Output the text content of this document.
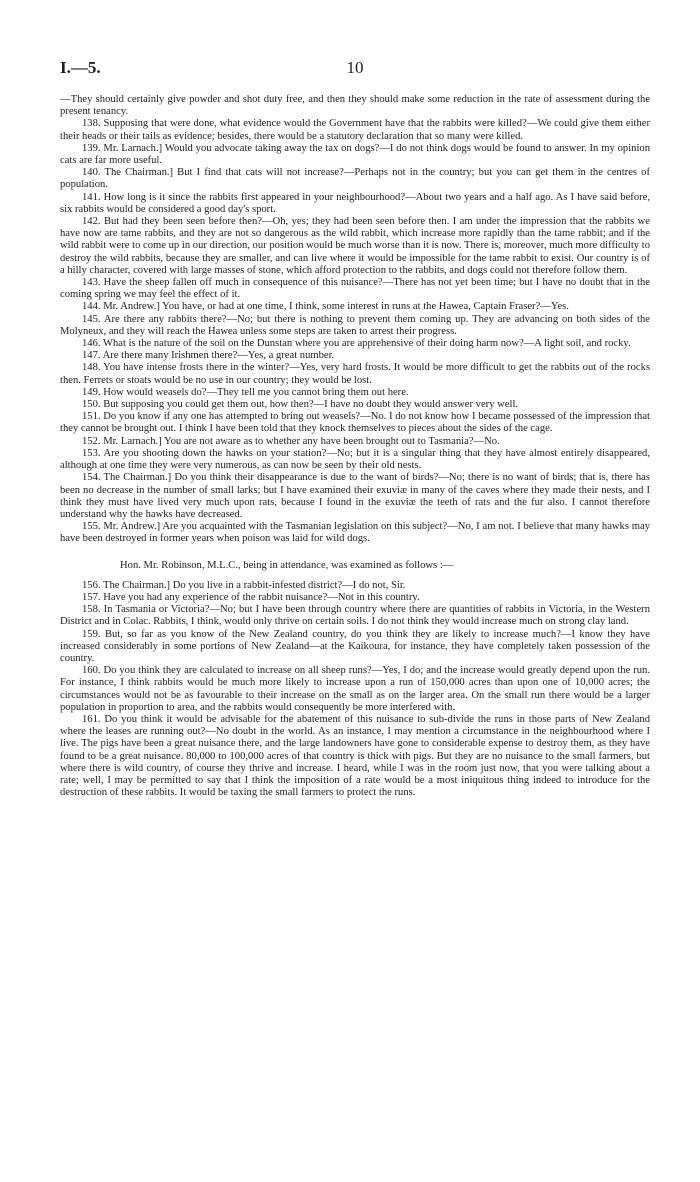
I.—5.	10

—They should certainly give powder and shot duty free, and then they should make some reduction in the rate of assessment during the present tenancy.

138. Supposing that were done, what evidence would the Government have that the rabbits were killed?—We could give them either their heads or their tails as evidence; besides, there would be a statutory declaration that so many were killed.

139. Mr. Larnach.] Would you advocate taking away the tax on dogs?—I do not think dogs would be found to answer. In my opinion cats are far more useful.

140. The Chairman.] But I find that cats will not increase?—Perhaps not in the country; but you can get them in the centres of population.

141. How long is it since the rabbits first appeared in your neighbourhood?—About two years and a half ago. As I have said before, six rabbits would be considered a good day's sport.

142. But had they been seen before then?—Oh, yes; they had been seen before then. I am under the impression that the rabbits we have now are tame rabbits, and they are not so dangerous as the wild rabbit, which increase more rapidly than the tame rabbit; and if the wild rabbit were to come up in our direction, our position would be much worse than it is now. There is, moreover, much more difficulty to destroy the wild rabbits, because they are smaller, and can live where it would be impossible for the tame rabbit to exist. Our country is of a hilly character, covered with large masses of stone, which afford protection to the rabbits, and dogs could not therefore follow them.

143. Have the sheep fallen off much in consequence of this nuisance?—There has not yet been time; but I have no doubt that in the coming spring we may feel the effect of it.

144. Mr. Andrew.] You have, or had at one time, I think, some interest in runs at the Hawea, Captain Fraser?—Yes.

145. Are there any rabbits there?—No; but there is nothing to prevent them coming up. They are advancing on both sides of the Molyneux, and they will reach the Hawea unless some steps are taken to arrest their progress.

146. What is the nature of the soil on the Dunstan where you are apprehensive of their doing harm now?—A light soil, and rocky.

147. Are there many Irishmen there?—Yes, a great number.

148. You have intense frosts there in the winter?—Yes, very hard frosts. It would be more difficult to get the rabbits out of the rocks then. Ferrets or stoats would be no use in our country; they would be lost.

149. How would weasels do?—They tell me you cannot bring them out here.

150. But supposing you could get them out, how then?—I have no doubt they would answer very well.

151. Do you know if any one has attempted to bring out weasels?—No. I do not know how I became possessed of the impression that they cannot be brought out. I think I have been told that they knock themselves to pieces about the sides of the cage.

152. Mr. Larnach.] You are not aware as to whether any have been brought out to Tasmania?—No.

153. Are you shooting down the hawks on your station?—No; but it is a singular thing that they have almost entirely disappeared, although at one time they were very numerous, as can now be seen by their old nests.

154. The Chairman.] Do you think their disappearance is due to the want of birds?—No; there is no want of birds; that is, there has been no decrease in the number of small larks; but I have examined their exuviæ in many of the caves where they made their nests, and I think they must have lived very much upon rats, because I found in the exuviæ the teeth of rats and the fur also. I cannot therefore understand why the hawks have decreased.

155. Mr. Andrew.] Are you acquainted with the Tasmanian legislation on this subject?—No, I am not. I believe that many hawks may have been destroyed in former years when poison was laid for wild dogs.

Hon. Mr. Robinson, M.L.C., being in attendance, was examined as follows :—

156. The Chairman.] Do you live in a rabbit-infested district?—I do not, Sir.

157. Have you had any experience of the rabbit nuisance?—Not in this country.

158. In Tasmania or Victoria?—No; but I have been through country where there are quantities of rabbits in Victoria, in the Western District and in Colac. Rabbits, I think, would only thrive on certain soils. I do not think they would increase much on strong clay land.

159. But, so far as you know of the New Zealand country, do you think they are likely to increase much?—I know they have increased considerably in some portions of New Zealand—at the Kaikoura, for instance, they have completely taken possession of the country.

160. Do you think they are calculated to increase on all sheep runs?—Yes, I do; and the increase would greatly depend upon the run. For instance, I think rabbits would be much more likely to increase upon a run of 150,000 acres than upon one of 10,000 acres; the circumstances would not be as favourable to their increase on the small as on the larger area. On the small run there would be a larger population in proportion to area, and the rabbits would consequently be more interfered with.

161. Do you think it would be advisable for the abatement of this nuisance to sub-divide the runs in those parts of New Zealand where the leases are running out?—No doubt in the world. As an instance, I may mention a circumstance in the neighbourhood where I live. The pigs have been a great nuisance there, and the large landowners have gone to considerable expense to destroy them, as they have found to be a great nuisance. 80,000 to 100,000 acres of that country is thick with pigs. But they are no nuisance to the small farmers, but where there is wild country, of course they thrive and increase. I heard, while I was in the room just now, that you were talking about a rate; well, I may be permitted to say that I think the imposition of a rate would be a most iniquitous thing indeed to introduce for the destruction of these rabbits. It would be taxing the small farmers to protect the runs.
